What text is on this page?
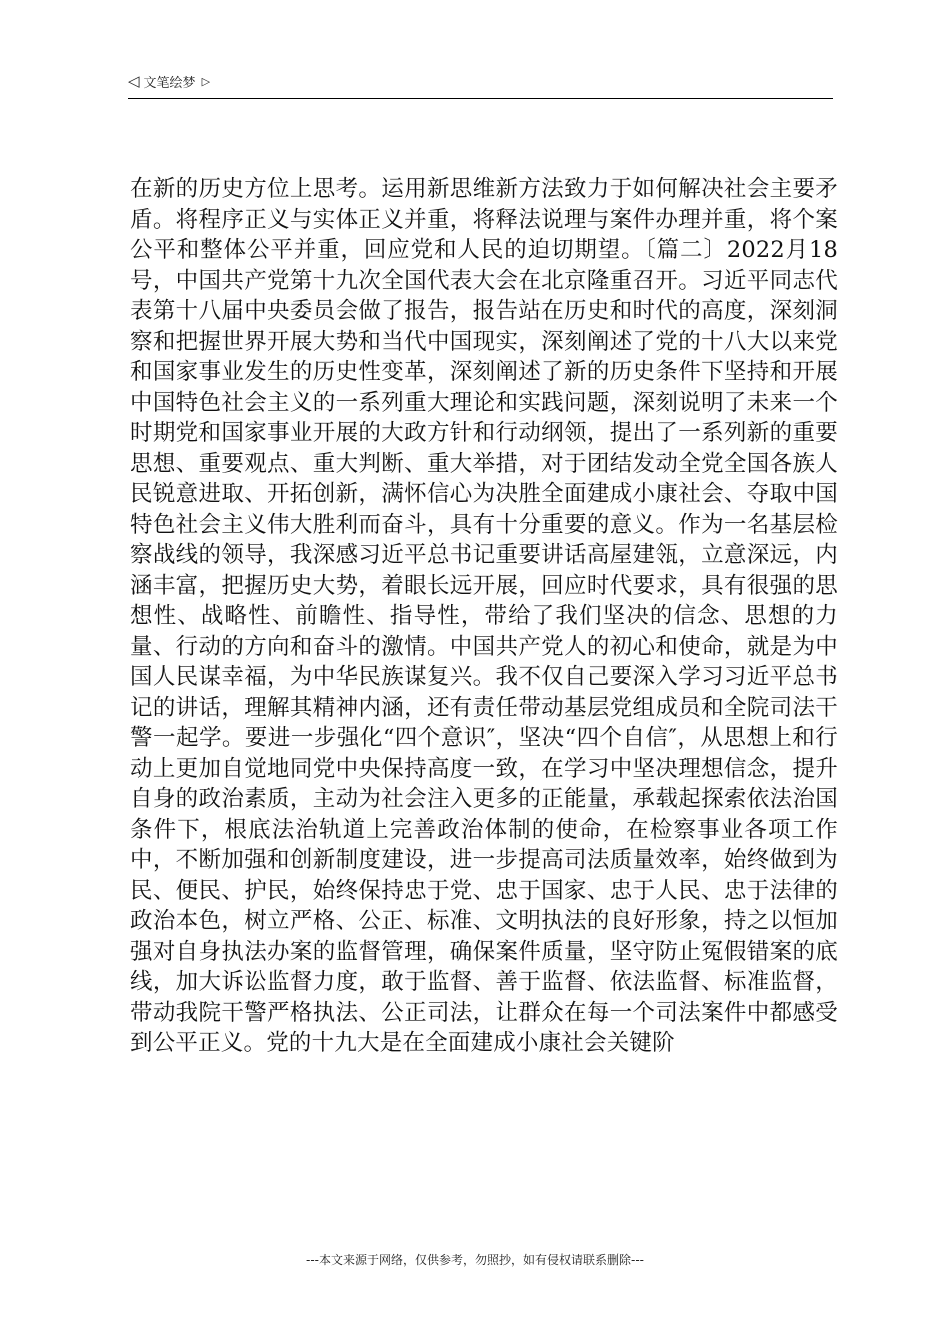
◁ 文笔绘梦 ▷

在新的历史方位上思考。运用新思维新方法致力于如何解决社会主要矛盾。将程序正义与实体正义并重，将释法说理与案件办理并重，将个案公平和整体公平并重，回应党和人民的迫切期望。〔篇二〕2022月18号，中国共产党第十九次全国代表大会在北京隆重召开。习近平同志代表第十八届中央委员会做了报告，报告站在历史和时代的高度，深刻洞察和把握世界开展大势和当代中国现实，深刻阐述了党的十八大以来党和国家事业发生的历史性变革，深刻阐述了新的历史条件下坚持和开展中国特色社会主义的一系列重大理论和实践问题，深刻说明了未来一个时期党和国家事业开展的大政方针和行动纲领，提出了一系列新的重要思想、重要观点、重大判断、重大举措，对于团结发动全党全国各族人民锐意进取、开拓创新，满怀信心为决胜全面建成小康社会、夺取中国特色社会主义伟大胜利而奋斗，具有十分重要的意义。作为一名基层检察战线的领导，我深感习近平总书记重要讲话高屋建瓴，立意深远，内涵丰富，把握历史大势，着眼长远开展，回应时代要求，具有很强的思想性、战略性、前瞻性、指导性，带给了我们坚决的信念、思想的力量、行动的方向和奋斗的激情。中国共产党人的初心和使命，就是为中国人民谋幸福，为中华民族谋复兴。我不仅自己要深入学习习近平总书记的讲话，理解其精神内涵，还有责任带动基层党组成员和全院司法干警一起学。要进一步强化“四个意识″，坚决“四个自信″，从思想上和行动上更加自觉地同党中央保持高度一致，在学习中坚决理想信念，提升自身的政治素质，主动为社会注入更多的正能量，承载起探索依法治国条件下，根底法治轨道上完善政治体制的使命，在检察事业各项工作中，不断加强和创新制度建设，进一步提高司法质量效率，始终做到为民、便民、护民，始终保持忠于党、忠于国家、忠于人民、忠于法律的政治本色，树立严格、公正、标准、文明执法的良好形象，持之以恒加强对自身执法办案的监督管理，确保案件质量，坚守防止冤假错案的底线，加大诉讼监督力度，敢于监督、善于监督、依法监督、标准监督，带动我院干警严格执法、公正司法，让群众在每一个司法案件中都感受到公平正义。党的十九大是在全面建成小康社会关键阶

---本文来源于网络，仅供参考，勿照抄，如有侵权请联系删除---
